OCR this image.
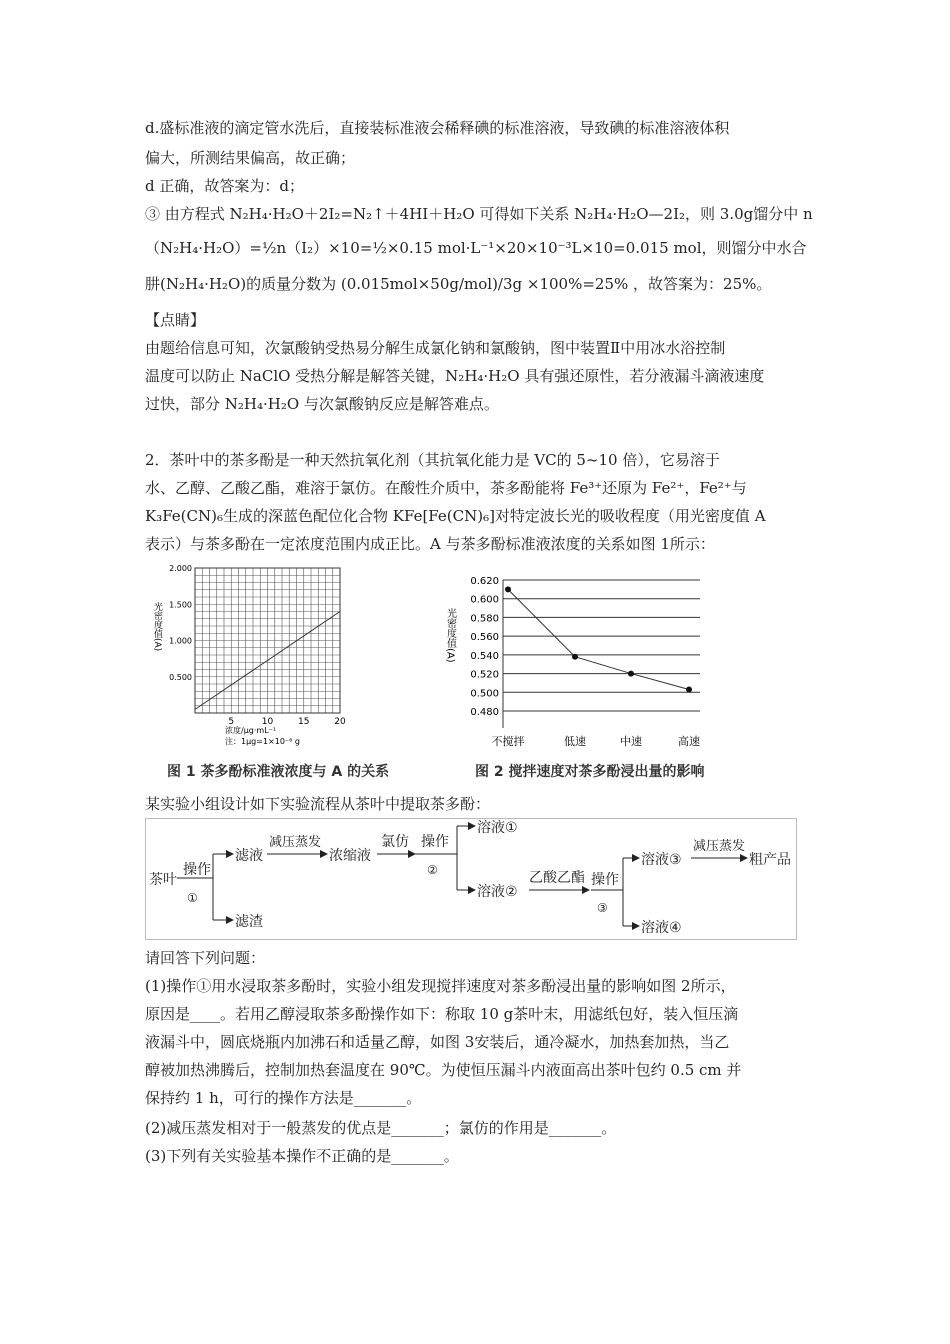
d.盛标准液的滴定管水洗后，直接装标准液会稀释碘的标准溶液，导致碘的标准溶液体积
偏大，所测结果偏高，故正确；
d 正确，故答案为：d；
③ 由方程式 N₂H₄·H₂O＋2I₂=N₂↑＋4HI＋H₂O 可得如下关系 N₂H₄·H₂O—2I₂，则 3.0g馏分中 n
（N₂H₄·H₂O）=½n（I₂）×10=½×0.15 mol·L⁻¹×20×10⁻³L×10=0.015 mol，则馏分中水合
肼(N₂H₄·H₂O)的质量分数为 (0.015mol×50g/mol)/3g ×100%=25% ，故答案为：25%。
【点睛】
由题给信息可知，次氯酸钠受热易分解生成氯化钠和氯酸钠，图中装置Ⅱ中用冰水浴控制
温度可以防止 NaClO 受热分解是解答关键，N₂H₄·H₂O 具有强还原性，若分液漏斗滴液速度
过快，部分 N₂H₄·H₂O 与次氯酸钠反应是解答难点。
2．茶叶中的茶多酚是一种天然抗氧化剂（其抗氧化能力是 VC的 5~10 倍），它易溶于
水、乙醇、乙酸乙酯，难溶于氯仿。在酸性介质中，茶多酚能将 Fe³⁺还原为 Fe²⁺，Fe²⁺与
K₃Fe(CN)₆生成的深蓝色配位化合物 KFe[Fe(CN)₆]对特定波长光的吸收程度（用光密度值 A
表示）与茶多酚在一定浓度范围内成正比。A 与茶多酚标准液浓度的关系如图 1所示：
0.500
1.000
1.500
2.000
5	10	15	20
光密度值(A)
浓度/μg·mL⁻¹
注：1μg=1×10⁻⁶ g
图 1 茶多酚标准液浓度与 A 的关系
0.480
0.500
0.520
0.540
0.560
0.580
0.600
0.620
不搅拌	低速	中速	高速
光密度值(A)
图 2 搅拌速度对茶多酚浸出量的影响
某实验小组设计如下实验流程从茶叶中提取茶多酚：
茶叶
操作
①
滤液
滤渣
减压蒸发
浓缩液
氯仿 操作
②
溶液①
溶液②
乙酸乙酯 操作
③
溶液③
溶液④
减压蒸发
粗产品
请回答下列问题：
(1)操作①用水浸取茶多酚时，实验小组发现搅拌速度对茶多酚浸出量的影响如图 2所示，
原因是____。若用乙醇浸取茶多酚操作如下：称取 10 g茶叶末，用滤纸包好，装入恒压滴
液漏斗中，圆底烧瓶内加沸石和适量乙醇，如图 3安装后，通冷凝水，加热套加热，当乙
醇被加热沸腾后，控制加热套温度在 90℃。为使恒压漏斗内液面高出茶叶包约 0.5 cm 并
保持约 1 h，可行的操作方法是_______。
(2)减压蒸发相对于一般蒸发的优点是_______；氯仿的作用是_______。
(3)下列有关实验基本操作不正确的是_______。
